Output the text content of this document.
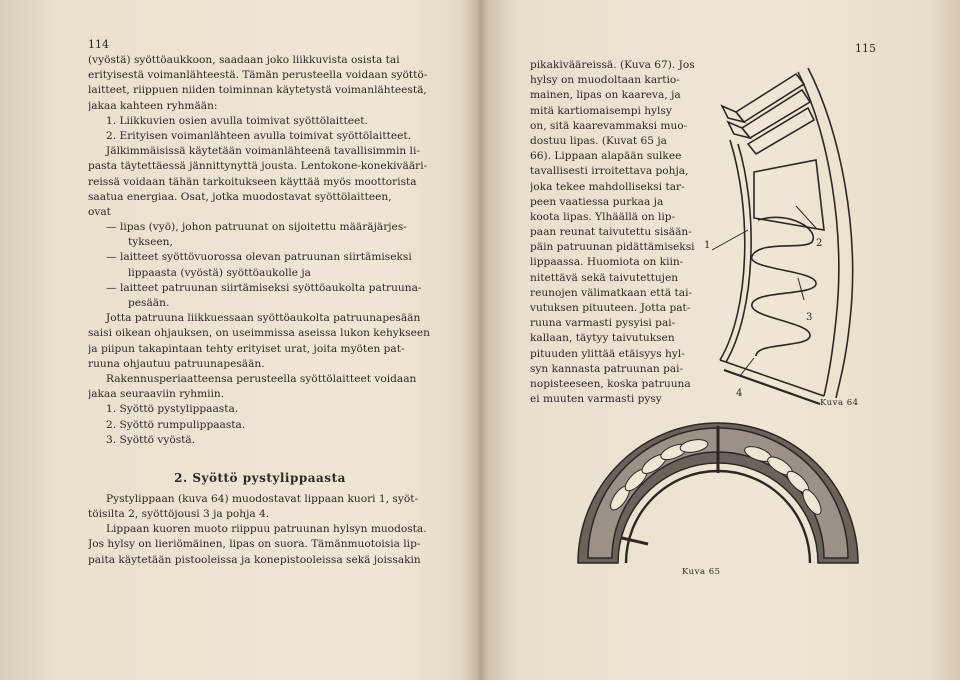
114
(vyöstä) syöttöaukkoon, saadaan joko liikkuvista osista tai
erityisestä voimanlähteestä. Tämän perusteella voidaan syöttö-
laitteet, riippuen niiden toiminnan käytetystä voimanlähteestä,
jakaa kahteen ryhmään:
1. Liikkuvien osien avulla toimivat syöttölaitteet.
2. Erityisen voimanlähteen avulla toimivat syöttölaitteet.
Jälkimmäisissä käytetään voimanlähteenä tavallisimmin li-
pasta täytettäessä jännittynyttä jousta. Lentokone-konekivääri-
reissä voidaan tähän tarkoitukseen käyttää myös moottorista
saatua energiaa. Osat, jotka muodostavat syöttölaitteen,
ovat
— lipas (vyö), johon patruunat on sijoitettu määräjärjes-
tykseen,
— laitteet syöttövuorossa olevan patruunan siirtämiseksi
lippaasta (vyöstä) syöttöaukolle ja
— laitteet patruunan siirtämiseksi syöttöaukolta patruuna-
pesään.
Jotta patruuna liikkuessaan syöttöaukolta patruunapesään
saisi oikean ohjauksen, on useimmissa aseissa lukon kehykseen
ja piipun takapintaan tehty erityiset urat, joita myöten pat-
ruuna ohjautuu patruunapesään.
Rakennusperiaatteensa perusteella syöttölaitteet voidaan
jakaa seuraaviin ryhmiin.
1. Syöttö pystylippaasta.
2. Syöttö rumpulippaasta.
3. Syöttö vyöstä.
2. Syöttö pystylippaasta
Pystylippaan (kuva 64) muodostavat lippaan kuori 1, syöt-
töisilta 2, syöttöjousi 3 ja pohja 4.
Lippaan kuoren muoto riippuu patruunan hylsyn muodosta.
Jos hylsy on lieriömäinen, lipas on suora. Tämänmuotoisia lip-
paita käytetään pistooleissa ja konepistooleissa sekä joissakin
115
pikakivääreissä. (Kuva 67). Jos
hylsy on muodoltaan kartio-
mainen, lipas on kaareva, ja
mitä kartiomaisempi hylsy
on, sitä kaarevammaksi muo-
dostuu lipas. (Kuvat 65 ja
66). Lippaan alapään sulkee
tavallisesti irroitettava pohja,
joka tekee mahdolliseksi tar-
peen vaatiessa purkaa ja
koota lipas. Ylhäällä on lip-
paan reunat taivutettu sisään-
päin patruunan pidättämiseksi
lippaassa. Huomiota on kiin-
nitettävä sekä taivutettujen
reunojen välimatkaan että tai-
vutuksen pituuteen. Jotta pat-
ruuna varmasti pysyisi pai-
kallaan, täytyy taivutuksen
pituuden ylittää etäisyys hyl-
syn kannasta patruunan pai-
nopisteeseen, koska patruuna
ei muuten varmasti pysy
1	2
3
4
Kuva 64
Kuva 65
